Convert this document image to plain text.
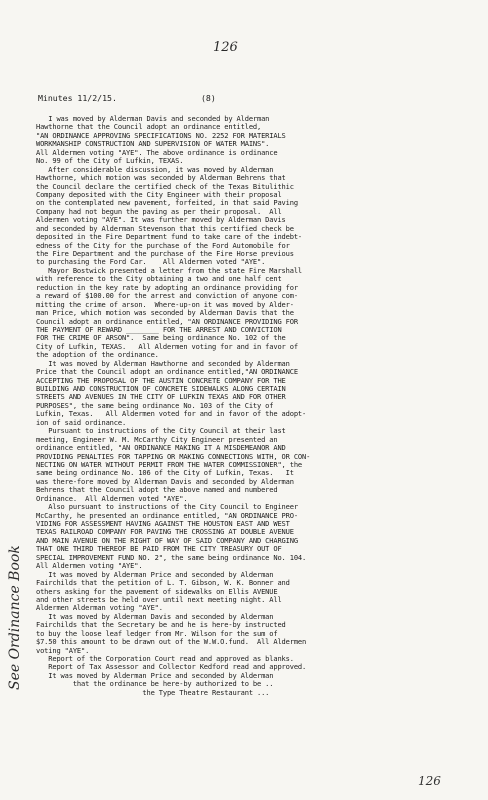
126
Minutes 11/2/15.	(8)
I was moved by Alderman Davis and seconded by Alderman
Hawthorne that the Council adopt an ordinance entitled,
"AN ORDINANCE APPROVING SPECIFICATIONS NO. 2252 FOR MATERIALS
WORKMANSHIP CONSTRUCTION AND SUPERVISION OF WATER MAINS".
All Aldermen voting "AYE". The above ordinance is ordinance
No. 99 of the City of Lufkin, TEXAS.
After considerable discussion, it was moved by Alderman
Hawthorne, which motion was seconded by Alderman Behrens that
the Council declare the certified check of the Texas Bitulithic
Company deposited with the City Engineer with their proposal
on the contemplated new pavement, forfeited, in that said Paving
Company had not begun the paving as per their proposal.  All
Aldermen voting "AYE". It was further moved by Alderman Davis
and seconded by Alderman Stevenson that this certified check be
deposited in the Fire Department fund to take care of the indebt-
edness of the City for the purchase of the Ford Automobile for
the Fire Department and the purchase of the Fire Horse previous
to purchasing the Ford Car.    All Aldermen voted "AYE".
Mayor Bostwick presented a letter from the state Fire Marshall
with reference to the City obtaining a two and one half cent
reduction in the key rate by adopting an ordinance providing for
a reward of $100.00 for the arrest and conviction of anyone com-
mitting the crime of arson.  Where-up-on it was moved by Alder-
man Price, which motion was seconded by Alderman Davis that the
Council adopt an ordinance entitled, "AN ORDINANCE PROVIDING FOR
THE PAYMENT OF REWARD ________ FOR THE ARREST AND CONVICTION
FOR THE CRIME OF ARSON".  Same being ordinance No. 102 of the
City of Lufkin, TEXAS.   All Aldermen voting for and in favor of
the adoption of the ordinance.
It was moved by Alderman Hawthorne and seconded by Alderman
Price that the Council adopt an ordinance entitled,"AN ORDINANCE
ACCEPTING THE PROPOSAL OF THE AUSTIN CONCRETE COMPANY FOR THE
BUILDING AND CONSTRUCTION OF CONCRETE SIDEWALKS ALONG CERTAIN
STREETS AND AVENUES IN THE CITY OF LUFKIN TEXAS AND FOR OTHER
PURPOSES", the same being ordinance No. 103 of the City of
Lufkin, Texas.   All Aldermen voted for and in favor of the adopt-
ion of said ordinance.
Pursuant to instructions of the City Council at their last
meeting, Engineer W. M. McCarthy City Engineer presented an
ordinance entitled, "AN ORDINANCE MAKING IT A MISDEMEANOR AND
PROVIDING PENALTIES FOR TAPPING OR MAKING CONNECTIONS WITH, OR CON-
NECTING ON WATER WITHOUT PERMIT FROM THE WATER COMMISSIONER", the
same being ordinance No. 106 of the City of Lufkin, Texas.   It
was there-fore moved by Alderman Davis and seconded by Alderman
Behrens that the Council adopt the above named and numbered
Ordinance.  All Aldermen voted "AYE".
Also pursuant to instructions of the City Council to Engineer
McCarthy, he presented an ordinance entitled, "AN ORDINANCE PRO-
VIDING FOR ASSESSMENT HAVING AGAINST THE HOUSTON EAST AND WEST
TEXAS RAILROAD COMPANY FOR PAVING THE CROSSING AT DOUBLE AVENUE
AND MAIN AVENUE ON THE RIGHT OF WAY OF SAID COMPANY AND CHARGING
THAT ONE THIRD THEREOF BE PAID FROM THE CITY TREASURY OUT OF
SPECIAL IMPROVEMENT FUND NO. 2", the same being ordinance No. 104.
All Aldermen voting "AYE".
It was moved by Alderman Price and seconded by Alderman
Fairchilds that the petition of L. T. Gibson, W. K. Bonner and
others asking for the pavement of sidewalks on Ellis AVENUE
and other streets be held over until next meeting night. All
Aldermen Alderman voting "AYE".
It was moved by Alderman Davis and seconded by Alderman
Fairchilds that the Secretary be and he is here-by instructed
to buy the loose leaf ledger from Mr. Wilson for the sum of
$7.50 this amount to be drawn out of the W.W.O.fund.  All Aldermen
voting "AYE".
Report of the Corporation Court read and approved as blanks.
Report of Tax Assessor and Collector Kedford read and approved.
It was moved by Alderman Price and seconded by Alderman
that the ordinance be here-by authorized to be ..
the Type Theatre Restaurant ...
See Ordinance Book
126
